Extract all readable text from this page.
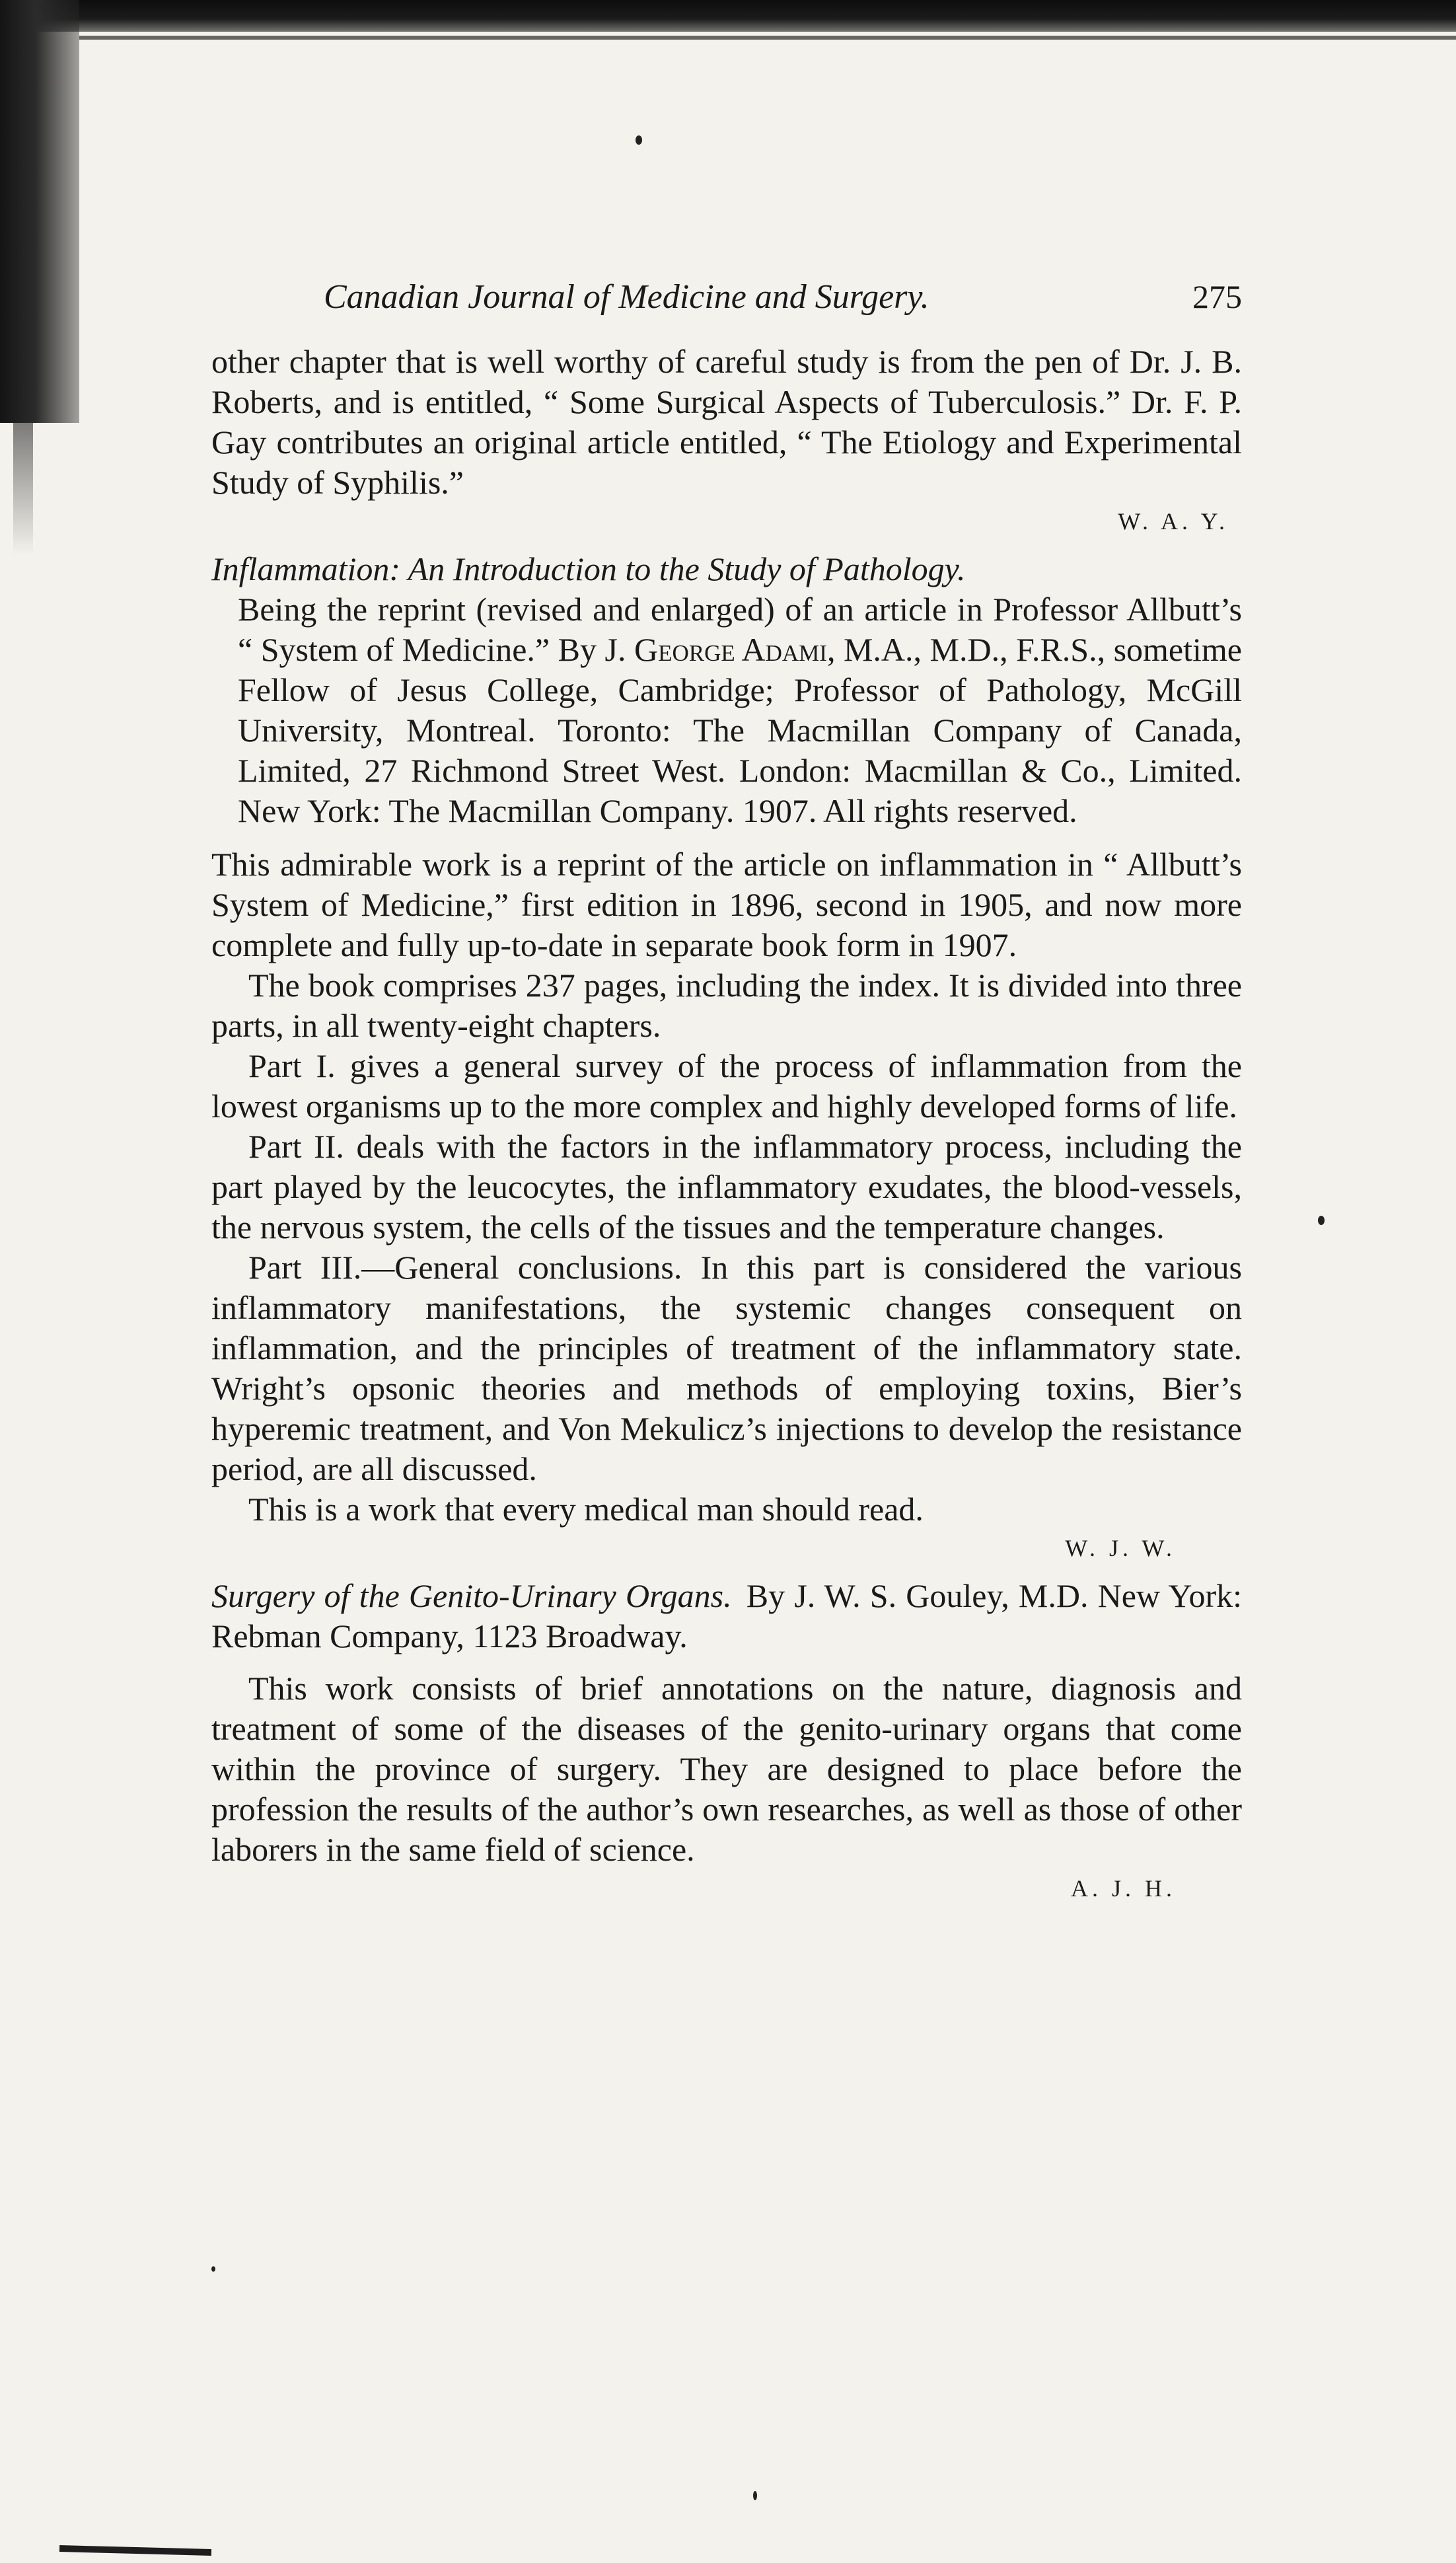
Canadian Journal of Medicine and Surgery.	275

other chapter that is well worthy of careful study is from the pen of Dr. J. B. Roberts, and is entitled, “ Some Surgical Aspects of Tuberculosis.” Dr. F. P. Gay contributes an original article entitled, “ The Etiology and Experimental Study of Syphilis.”

W. A. Y.
Inflammation: An Introduction to the Study of Pathology.
Being the reprint (revised and enlarged) of an article in Professor Allbutt’s “ System of Medicine.” By J. George Adami, M.A., M.D., F.R.S., sometime Fellow of Jesus College, Cambridge; Professor of Pathology, McGill University, Montreal. Toronto: The Macmillan Company of Canada, Limited, 27 Richmond Street West. London: Macmillan & Co., Limited. New York: The Macmillan Company. 1907. All rights reserved.

This admirable work is a reprint of the article on inflammation in “ Allbutt’s System of Medicine,” first edition in 1896, second in 1905, and now more complete and fully up-to-date in separate book form in 1907.

The book comprises 237 pages, including the index. It is divided into three parts, in all twenty-eight chapters.

Part I. gives a general survey of the process of inflammation from the lowest organisms up to the more complex and highly developed forms of life.

Part II. deals with the factors in the inflammatory process, including the part played by the leucocytes, the inflammatory exudates, the blood-vessels, the nervous system, the cells of the tissues and the temperature changes.

Part III.—General conclusions. In this part is considered the various inflammatory manifestations, the systemic changes consequent on inflammation, and the principles of treatment of the inflammatory state. Wright’s opsonic theories and methods of employing toxins, Bier’s hyperemic treatment, and Von Mekulicz’s injections to develop the resistance period, are all discussed.

This is a work that every medical man should read.

W. J. W.
Surgery of the Genito-Urinary Organs. By J. W. S. Gouley, M.D. New York: Rebman Company, 1123 Broadway.

This work consists of brief annotations on the nature, diagnosis and treatment of some of the diseases of the genito-urinary organs that come within the province of surgery. They are designed to place before the profession the results of the author’s own researches, as well as those of other laborers in the same field of science.

A. J. H.
